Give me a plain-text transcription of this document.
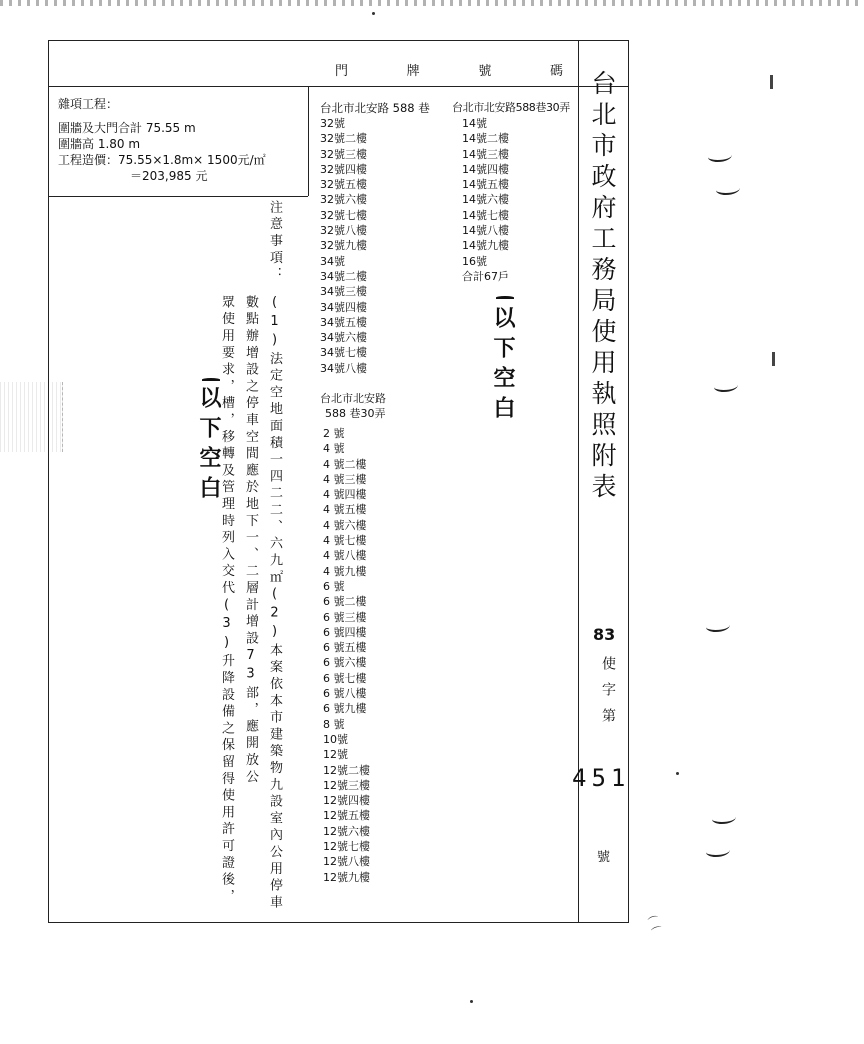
門	牌	號	碼
雜項工程：
圍牆及大門合計 75.55 m
圍牆高 1.80 m
工程造價：75.55×1.8m× 1500元/㎡
＝203,985 元
注意事項：
(1)法定空地面積一四二二、六九㎡(2)本案依本市建築物九設室內公用停車
數點辦增設之停車空間應於地下一、二層計增設73部，應開放公
眾使用要求，槽，移轉及管理時列入交代(3)升降設備之保留得使用許可證後，
以下空白	台北市政府工務局使用執照附表
台北市北安路 588 巷 台北市北安路588巷30弄
32號
32號二樓
32號三樓
32號四樓
32號五樓
32號六樓
32號七樓
32號八樓
32號九樓
34號
34號二樓
34號三樓
34號四樓
34號五樓
34號六樓
34號七樓
34號八樓
台北市北安路
588 巷30弄
2 號
4 號
4 號二樓
4 號三樓
4 號四樓
4 號五樓
4 號六樓
4 號七樓
4 號八樓
4 號九樓
6 號
6 號二樓
6 號三樓
6 號四樓
6 號五樓
6 號六樓
6 號七樓
6 號八樓
6 號九樓
8 號
10號
12號
12號二樓
12號三樓
12號四樓
12號五樓
12號六樓
12號七樓
12號八樓
12號九樓
14號
14號二樓
14號三樓
14號四樓
14號五樓
14號六樓
14號七樓
14號八樓
14號九樓
16號
合計67戶
以下空白
83
使字第
451
號
⌒⌒
